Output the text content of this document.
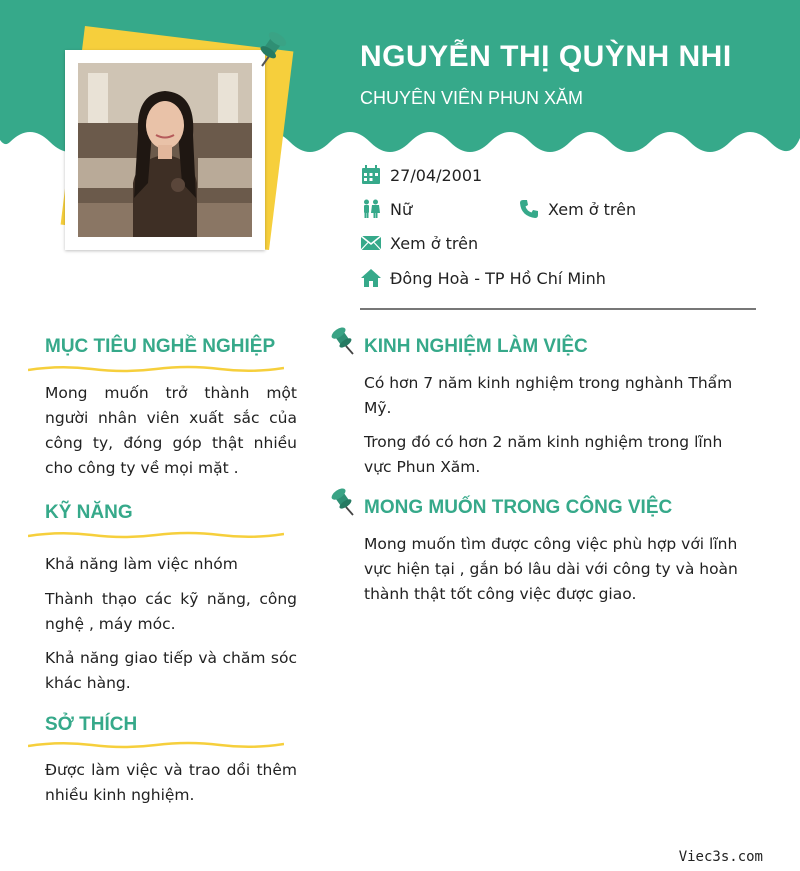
NGUYỄN THỊ QUỲNH NHI
CHUYÊN VIÊN PHUN XĂM
27/04/2001
Nữ	Xem ở trên
Xem ở trên
Đông Hoà - TP Hồ Chí Minh
MỤC TIÊU NGHỀ NGHIỆP
Mong muốn trở thành một người nhân viên xuất sắc của công ty, đóng góp thật nhiều cho công ty về mọi mặt .
KỸ NĂNG
Khả năng làm việc nhóm
Thành thạo các kỹ năng, công nghệ , máy móc.
Khả năng giao tiếp và chăm sóc khác hàng.
SỞ THÍCH
Được làm việc và trao dồi thêm nhiều kinh nghiệm.
KINH NGHIỆM LÀM VIỆC
Có hơn 7 năm kinh nghiệm trong nghành Thẩm Mỹ.
Trong đó có hơn 2 năm kinh nghiệm trong lĩnh vực Phun Xăm.
MONG MUỐN TRONG CÔNG VIỆC
Mong muốn tìm được công việc phù hợp với lĩnh vực hiện tại , gắn bó lâu dài với công ty và hoàn thành thật tốt công việc được giao.
Viec3s.com
